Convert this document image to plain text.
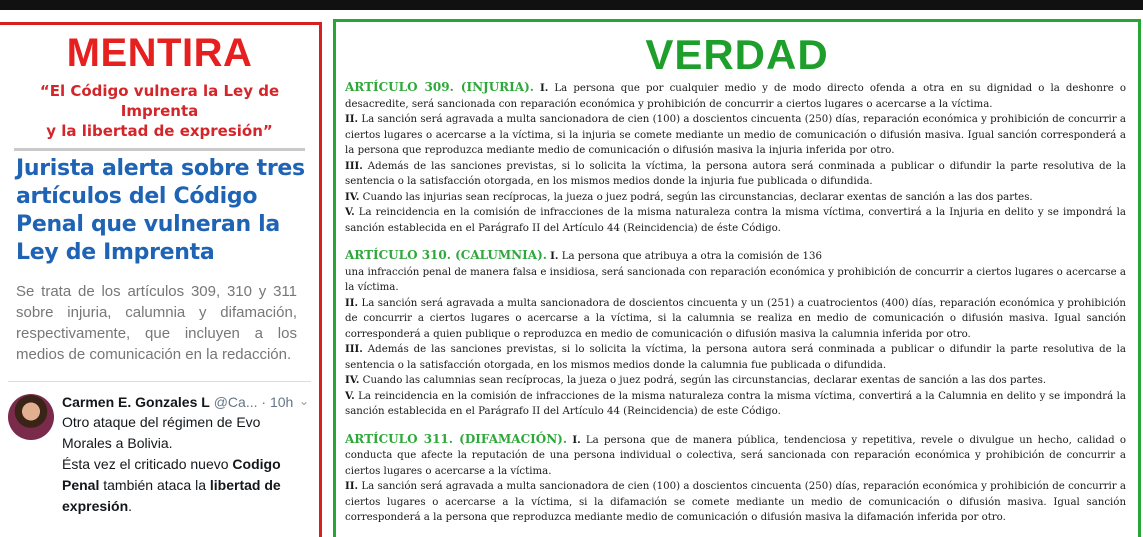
MENTIRA
“El Código vulnera la Ley de Imprenta
y la libertad de expresión”
Jurista alerta sobre tres artículos del Código Penal que vulneran la Ley de Imprenta
Se trata de los artículos 309, 310 y 311 sobre injuria, calumnia y difamación, respectivamente, que incluyen a los medios de comunicación en la redacción.
Carmen E. Gonzales L @Ca... · 10h ⌄
Otro ataque del régimen de Evo Morales a Bolivia.
Ésta vez el criticado nuevo Codigo Penal también ataca la libertad de expresión.
VERDAD

ARTÍCULO 309. (INJURIA). I. La persona que por cualquier medio y de modo directo ofenda a otra en su dignidad o la deshonre o desacredite, será sancionada con reparación económica y prohibición de concurrir a ciertos lugares o acercarse a la víctima.

II. La sanción será agravada a multa sancionadora de cien (100) a doscientos cincuenta (250) días, reparación económica y prohibición de concurrir a ciertos lugares o acercarse a la víctima, si la injuria se comete mediante un medio de comunicación o difusión masiva. Igual sanción corresponderá a la persona que reproduzca mediante medio de comunicación o difusión masiva la injuria inferida por otro.

III. Además de las sanciones previstas, si lo solicita la víctima, la persona autora será conminada a publicar o difundir la parte resolutiva de la sentencia o la satisfacción otorgada, en los mismos medios donde la injuria fue publicada o difundida.

IV. Cuando las injurias sean recíprocas, la jueza o juez podrá, según las circunstancias, declarar exentas de sanción a las dos partes.

V. La reincidencia en la comisión de infracciones de la misma naturaleza contra la misma víctima, convertirá a la Injuria en delito y se impondrá la sanción establecida en el Parágrafo II del Artículo 44 (Reincidencia) de éste Código.

ARTÍCULO 310. (CALUMNIA). I. La persona que atribuya a otra la comisión de 136

una infracción penal de manera falsa e insidiosa, será sancionada con reparación económica y prohibición de concurrir a ciertos lugares o acercarse a la víctima.

II. La sanción será agravada a multa sancionadora de doscientos cincuenta y un (251) a cuatrocientos (400) días, reparación económica y prohibición de concurrir a ciertos lugares o acercarse a la víctima, si la calumnia se realiza en medio de comunicación o difusión masiva. Igual sanción corresponderá a quien publique o reproduzca en medio de comunicación o difusión masiva la calumnia inferida por otro.

III. Además de las sanciones previstas, si lo solicita la víctima, la persona autora será conminada a publicar o difundir la parte resolutiva de la sentencia o la satisfacción otorgada, en los mismos medios donde la calumnia fue publicada o difundida.

IV. Cuando las calumnias sean recíprocas, la jueza o juez podrá, según las circunstancias, declarar exentas de sanción a las dos partes.

V. La reincidencia en la comisión de infracciones de la misma naturaleza contra la misma víctima, convertirá a la Calumnia en delito y se impondrá la sanción establecida en el Parágrafo II del Artículo 44 (Reincidencia) de este Código.

ARTÍCULO 311. (DIFAMACIÓN). I. La persona que de manera pública, tendenciosa y repetitiva, revele o divulgue un hecho, calidad o conducta que afecte la reputación de una persona individual o colectiva, será sancionada con reparación económica y prohibición de concurrir a ciertos lugares o acercarse a la víctima.

II. La sanción será agravada a multa sancionadora de cien (100) a doscientos cincuenta (250) días, reparación económica y prohibición de concurrir a ciertos lugares o acercarse a la víctima, si la difamación se comete mediante un medio de comunicación o difusión masiva. Igual sanción corresponderá a la persona que reproduzca mediante medio de comunicación o difusión masiva la difamación inferida por otro.
